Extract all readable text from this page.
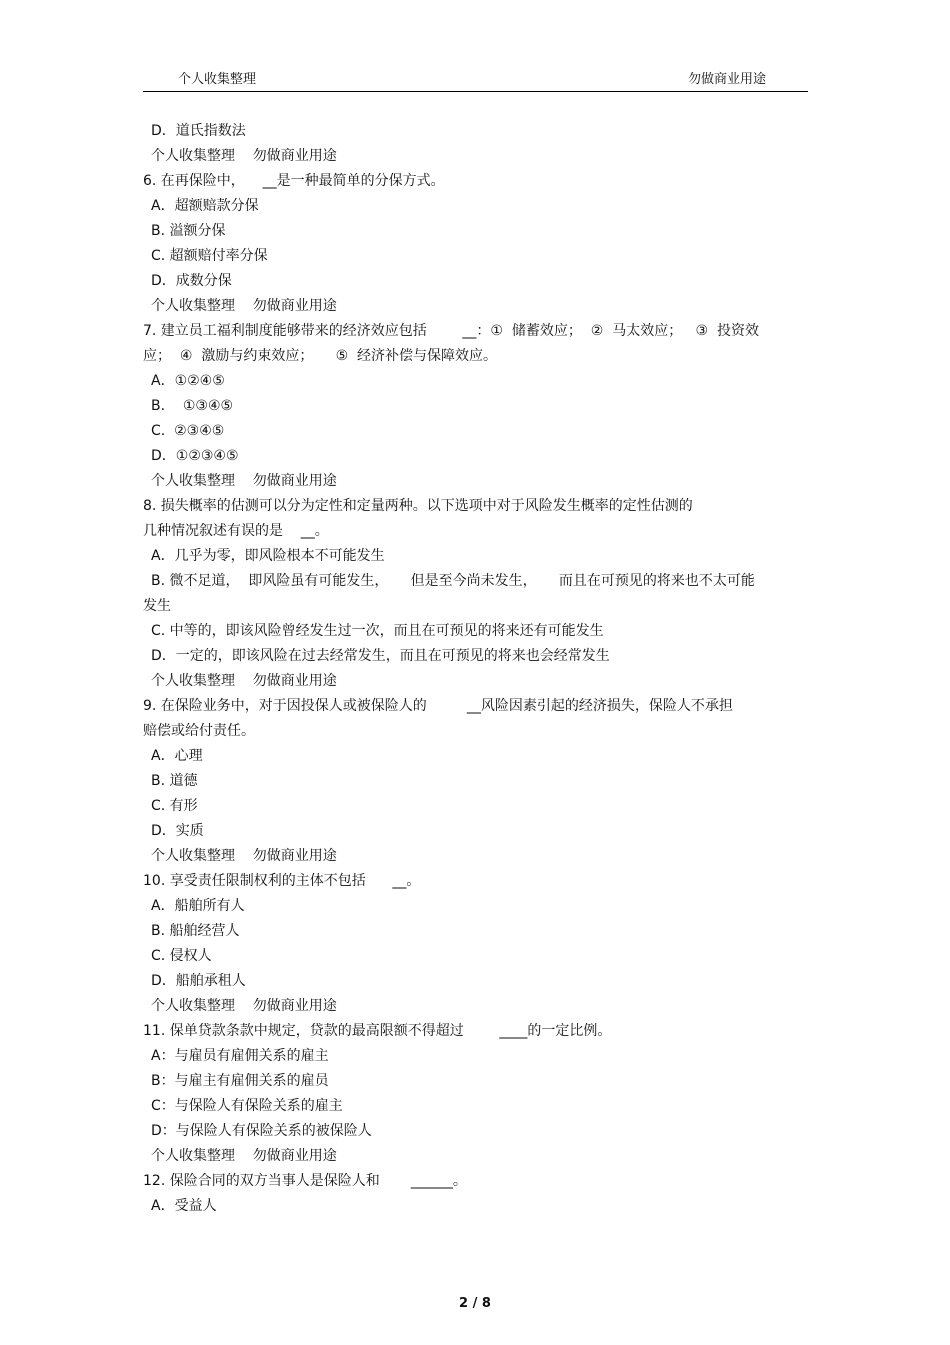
个人收集整理	勿做商业用途
D．道氏指数法
个人收集整理    勿做商业用途
6. 在再保险中，    __是一种最简单的分保方式。
A．超额赔款分保
B. 溢额分保
C. 超额赔付率分保
D．成数分保
个人收集整理    勿做商业用途
7. 建立员工福利制度能够带来的经济效应包括        __：①  储蓄效应；  ②  马太效应；   ③  投资效
应；  ④  激励与约束效应；     ⑤  经济补偿与保障效应。
A．①②④⑤
B.    ①③④⑤
C.  ②③④⑤
D．①②③④⑤
个人收集整理    勿做商业用途
8. 损失概率的估测可以分为定性和定量两种。以下选项中对于风险发生概率的定性估测的
几种情况叙述有误的是    __。
A．几乎为零，即风险根本不可能发生
B. 微不足道，  即风险虽有可能发生，     但是至今尚未发生，     而且在可预见的将来也不太可能
发生
C. 中等的，即该风险曾经发生过一次，而且在可预见的将来还有可能发生
D．一定的，即该风险在过去经常发生，而且在可预见的将来也会经常发生
个人收集整理    勿做商业用途
9. 在保险业务中，对于因投保人或被保险人的         __风险因素引起的经济损失，保险人不承担
赔偿或给付责任。
A．心理
B. 道德
C. 有形
D．实质
个人收集整理    勿做商业用途
10. 享受责任限制权利的主体不包括      __。
A．船舶所有人
B. 船舶经营人
C. 侵权人
D．船舶承租人
个人收集整理    勿做商业用途
11. 保单贷款条款中规定，贷款的最高限额不得超过        ____的一定比例。
A：与雇员有雇佣关系的雇主
B：与雇主有雇佣关系的雇员
C：与保险人有保险关系的雇主
D：与保险人有保险关系的被保险人
个人收集整理    勿做商业用途
12. 保险合同的双方当事人是保险人和       ______。
A．受益人
2 / 8
